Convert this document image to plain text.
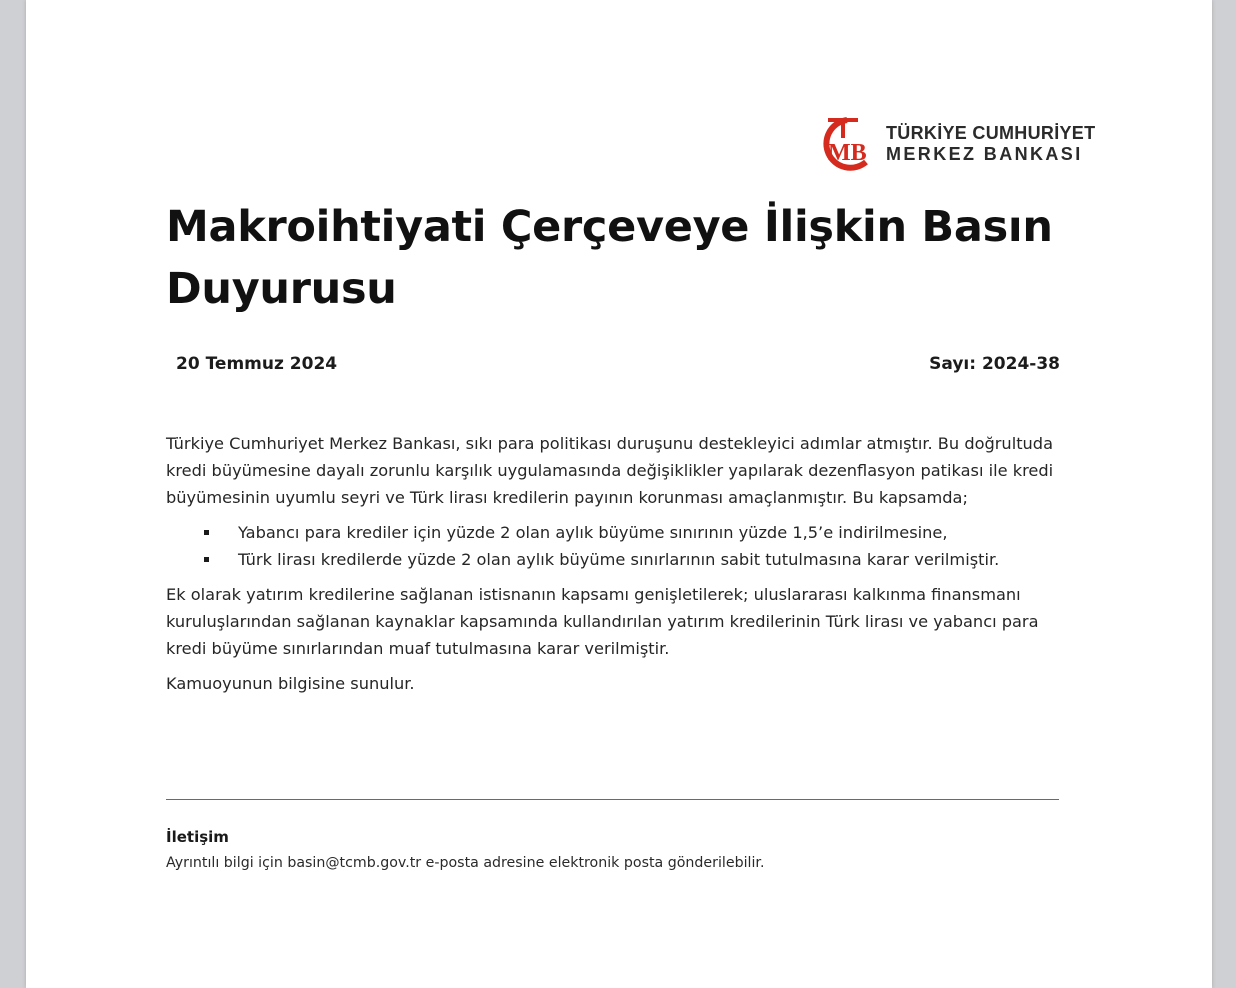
MB
TÜRKİYE CUMHURİYET
MERKEZ BANKASI
Makroihtiyati Çerçeveye İlişkin Basın Duyurusu
20 Temmuz 2024	Sayı: 2024-38

Türkiye Cumhuriyet Merkez Bankası, sıkı para politikası duruşunu destekleyici adımlar atmıştır. Bu doğrultuda kredi büyümesine dayalı zorunlu karşılık uygulamasında değişiklikler yapılarak dezenflasyon patikası ile kredi büyümesinin uyumlu seyri ve Türk lirası kredilerin payının korunması amaçlanmıştır. Bu kapsamda;

Yabancı para krediler için yüzde 2 olan aylık büyüme sınırının yüzde 1,5’e indirilmesine,
Türk lirası kredilerde yüzde 2 olan aylık büyüme sınırlarının sabit tutulmasına karar verilmiştir.

Ek olarak yatırım kredilerine sağlanan istisnanın kapsamı genişletilerek; uluslararası kalkınma finansmanı kuruluşlarından sağlanan kaynaklar kapsamında kullandırılan yatırım kredilerinin Türk lirası ve yabancı para kredi büyüme sınırlarından muaf tutulmasına karar verilmiştir.

Kamuoyunun bilgisine sunulur.

İletişim
Ayrıntılı bilgi için basin@tcmb.gov.tr e-posta adresine elektronik posta gönderilebilir.
